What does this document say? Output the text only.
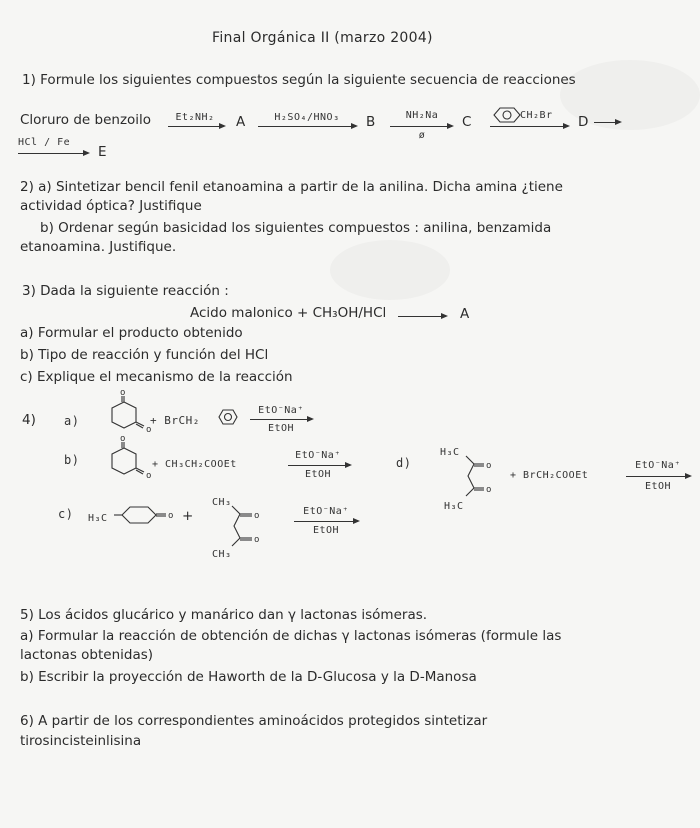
Final Orgánica II (marzo 2004)
1) Formule los siguientes compuestos según la siguiente secuencia de reacciones
Cloruro de benzoilo	Et₂NH₂ → A	H₂SO₄/HNO₃	B	NH₂Na
ø
C	CH₂Br	D →
HCl / Fe
E
2) a) Sintetizar bencil fenil etanoamina a partir de la anilina. Dicha amina ¿tiene
actividad óptica? Justifique
b) Ordenar según basicidad los siguientes compuestos : anilina, benzamida
etanoamina. Justifique.
3) Dada la siguiente reacción :
Acido malonico + CH₃OH/HCl → A
a) Formular el producto obtenido
b) Tipo de reacción y función del HCl
c) Explique el mecanismo de la reacción
4) a)
o
o
+ BrCH₂
EtO⁻Na⁺
EtOH
b)
o
o
+ CH₃CH₂COOEt
EtO⁻Na⁺
EtOH
d)
H₃C
H₃C
o
o
+ BrCH₂COOEt
EtO⁻Na⁺
EtOH
c) H₃C	o +
CH₃
CH₃
o
o
EtO⁻Na⁺
EtOH
5) Los ácidos glucárico y manárico dan γ lactonas isómeras.
a) Formular la reacción de obtención de dichas γ lactonas isómeras (formule las
lactonas obtenidas)
b) Escribir la proyección de Haworth de la D-Glucosa y la D-Manosa
6) A partir de los correspondientes aminoácidos protegidos sintetizar
tirosincisteinlisina
